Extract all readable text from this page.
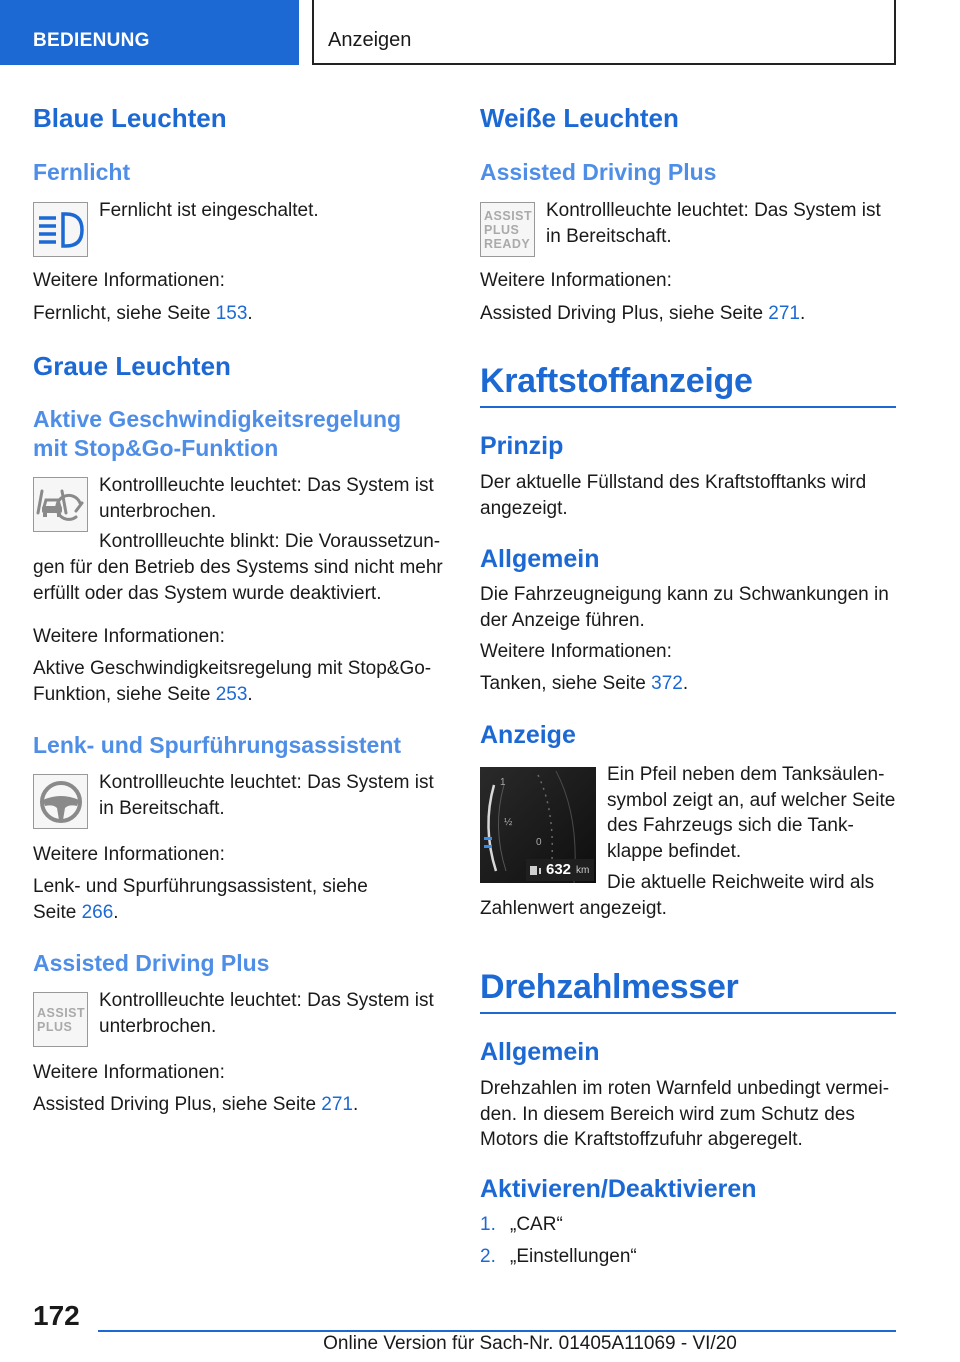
BEDIENUNG	Anzeigen
Blaue Leuchten
Fernlicht
Fernlicht ist eingeschaltet.
Weitere Informationen:
Fernlicht, siehe Seite 153.
Graue Leuchten
Aktive Geschwindigkeitsregelung
mit Stop&Go-Funktion
Kontrollleuchte leuchtet: Das System ist
unterbrochen.
Kontrollleuchte blinkt: Die Voraussetzun‐
gen für den Betrieb des Systems sind nicht mehr
erfüllt oder das System wurde deaktiviert.
Weitere Informationen:
Aktive Geschwindigkeitsregelung mit Stop&Go-
Funktion, siehe Seite 253.
Lenk- und Spurführungsassistent
Kontrollleuchte leuchtet: Das System ist
in Bereitschaft.
Weitere Informationen:
Lenk- und Spurführungsassistent, siehe
Seite 266.
Assisted Driving Plus
ASSIST
PLUS
Kontrollleuchte leuchtet: Das System ist
unterbrochen.
Weitere Informationen:
Assisted Driving Plus, siehe Seite 271.
Weiße Leuchten
Assisted Driving Plus
ASSIST
PLUS
READY
Kontrollleuchte leuchtet: Das System ist
in Bereitschaft.
Weitere Informationen:
Assisted Driving Plus, siehe Seite 271.
Kraftstoffanzeige
Prinzip
Der aktuelle Füllstand des Kraftstofftanks wird
angezeigt.
Allgemein
Die Fahrzeugneigung kann zu Schwankungen in
der Anzeige führen.
Weitere Informationen:
Tanken, siehe Seite 372.
Anzeige
Ein Pfeil neben dem Tanksäulen‐
symbol zeigt an, auf welcher Seite
des Fahrzeugs sich die Tank‐
klappe befindet.
Die aktuelle Reichweite wird als
Zahlenwert angezeigt.
Drehzahlmesser
Allgemein
Drehzahlen im roten Warnfeld unbedingt vermei‐
den. In diesem Bereich wird zum Schutz des
Motors die Kraftstoffzufuhr abgeregelt.
Aktivieren/Deaktivieren
1. „CAR“
2. „Einstellungen“
1
½
0
632 km
172
Online Version für Sach-Nr. 01405A11069 - VI/20
